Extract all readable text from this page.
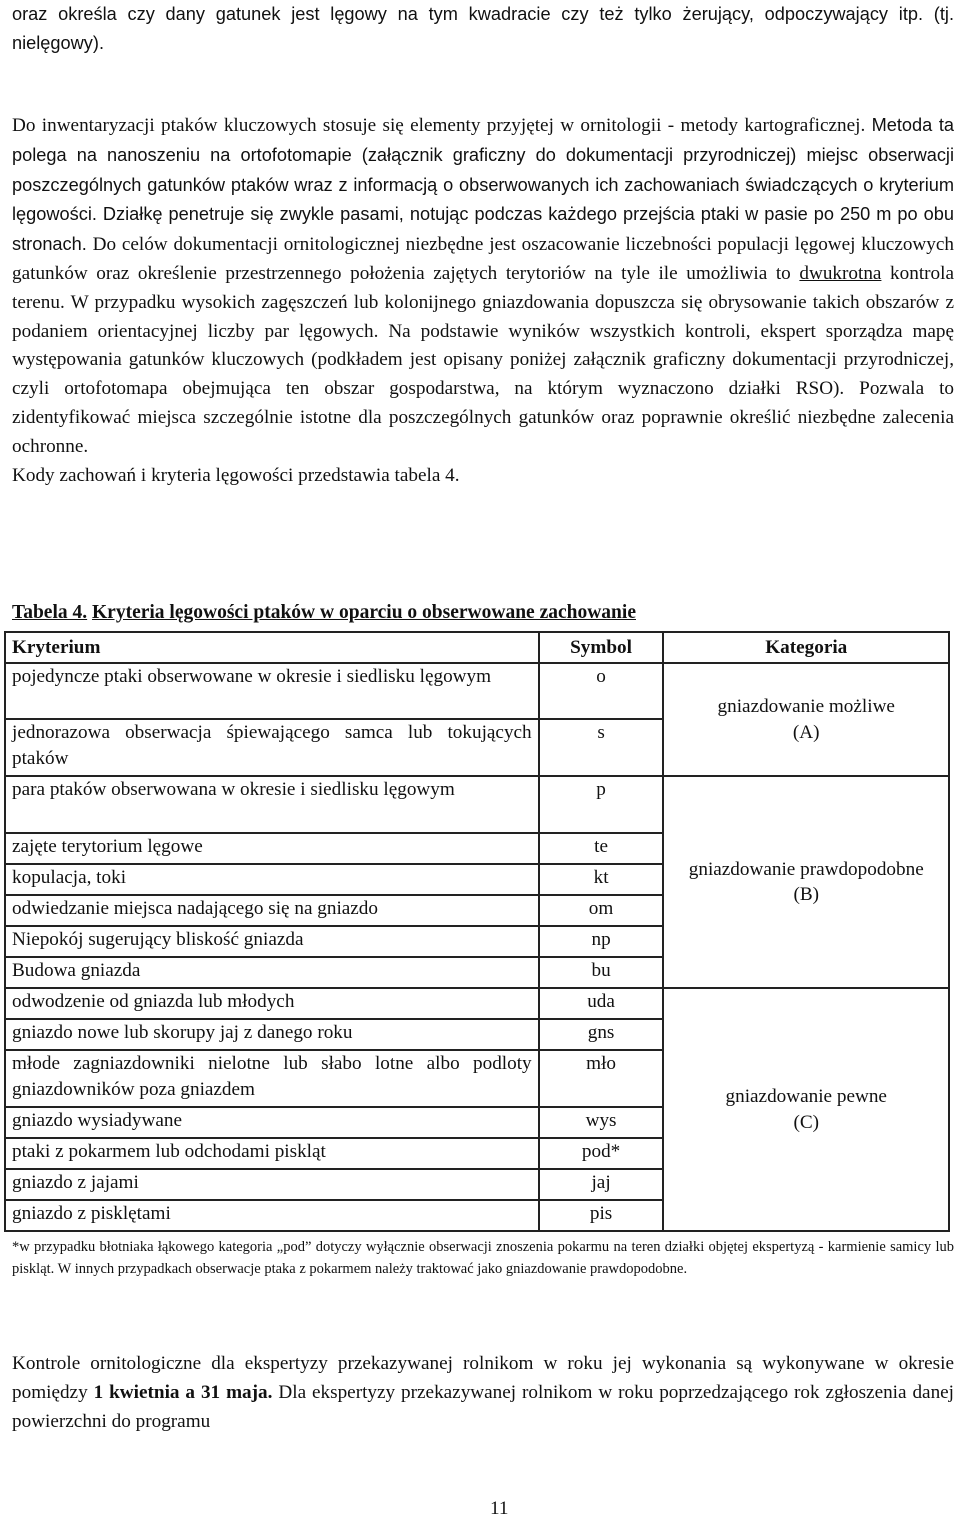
oraz określa czy dany gatunek jest lęgowy na tym kwadracie czy też tylko żerujący, odpoczywający itp. (tj. nielęgowy).

Do inwentaryzacji ptaków kluczowych stosuje się elementy przyjętej w ornitologii - metody kartograficznej. Metoda ta polega na nanoszeniu na ortofotomapie (załącznik graficzny do dokumentacji przyrodniczej) miejsc obserwacji poszczególnych gatunków ptaków wraz z informacją o obserwowanych ich zachowaniach świadczących o kryterium lęgowości. Działkę penetruje się zwykle pasami, notując podczas każdego przejścia ptaki w pasie po 250 m po obu stronach. Do celów dokumentacji ornitologicznej niezbędne jest oszacowanie liczebności populacji lęgowej kluczowych gatunków oraz określenie przestrzennego położenia zajętych terytoriów na tyle ile umożliwia to dwukrotna kontrola terenu. W przypadku wysokich zagęszczeń lub kolonijnego gniazdowania dopuszcza się obrysowanie takich obszarów z podaniem orientacyjnej liczby par lęgowych. Na podstawie wyników wszystkich kontroli, ekspert sporządza mapę występowania gatunków kluczowych (podkładem jest opisany poniżej załącznik graficzny dokumentacji przyrodniczej, czyli ortofotomapa obejmująca ten obszar gospodarstwa, na którym wyznaczono działki RSO). Pozwala to zidentyfikować miejsca szczególnie istotne dla poszczególnych gatunków oraz poprawnie określić niezbędne zalecenia ochronne.
Kody zachowań i kryteria lęgowości przedstawia tabela 4.

Tabela 4. Kryteria lęgowości ptaków w oparciu o obserwowane zachowanie

Kryterium	Symbol	Kategoria
pojedyncze ptaki obserwowane w okresie i siedlisku lęgowym	o	gniazdowanie możliwe
(A)
jednorazowa obserwacja śpiewającego samca lub tokujących ptaków	s	
para ptaków obserwowana w okresie i siedlisku lęgowym	p	gniazdowanie prawdopodobne
(B)
zajęte terytorium lęgowe	te	
kopulacja, toki	kt	
odwiedzanie miejsca nadającego się na gniazdo	om	
Niepokój sugerujący bliskość gniazda	np	
Budowa gniazda	bu	
odwodzenie od gniazda lub młodych	uda	gniazdowanie pewne
(C)
gniazdo nowe lub skorupy jaj z danego roku	gns	
młode zagniazdowniki nielotne lub słabo lotne albo podloty gniazdowników poza gniazdem	mło	
gniazdo wysiadywane	wys	
ptaki z pokarmem lub odchodami piskląt	pod*	
gniazdo z jajami	jaj	
gniazdo z pisklętami	pis	

*w przypadku błotniaka łąkowego kategoria „pod” dotyczy wyłącznie obserwacji znoszenia pokarmu na teren działki objętej ekspertyzą - karmienie samicy lub piskląt. W innych przypadkach obserwacje ptaka z pokarmem należy traktować jako gniazdowanie prawdopodobne.

Kontrole ornitologiczne dla ekspertyzy przekazywanej rolnikom w roku jej wykonania są wykonywane w okresie pomiędzy 1 kwietnia a 31 maja. Dla ekspertyzy przekazywanej rolnikom w roku poprzedzającego rok zgłoszenia danej powierzchni do programu

11
